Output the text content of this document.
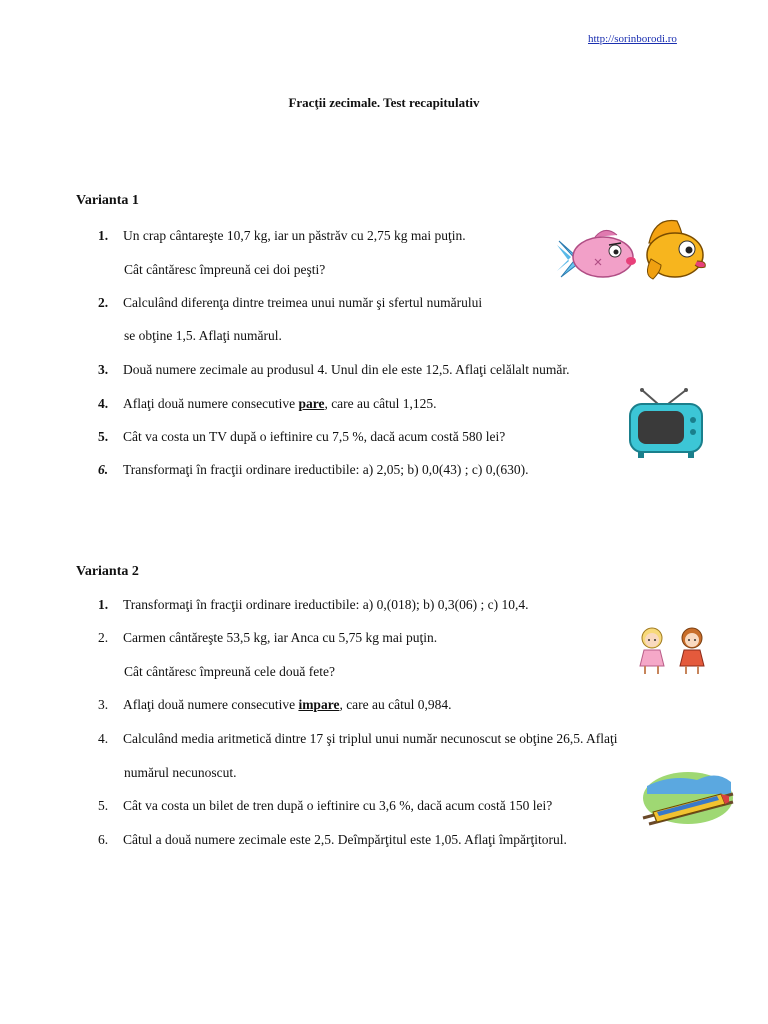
http://sorinborodi.ro
Fracţii zecimale. Test recapitulativ
Varianta 1
1. Un crap cântareşte 10,7 kg, iar un păstrăv cu 2,75 kg mai puţin.
Cât cântăresc împreună cei doi peşti?
2. Calculând diferenţa dintre treimea unui număr şi sfertul numărului
se obţine 1,5. Aflaţi numărul.
3. Două numere zecimale au produsul 4. Unul din ele este 12,5. Aflaţi celălalt număr.
4. Aflaţi două numere consecutive pare, care au câtul 1,125.
5. Cât va costa un TV după o ieftinire cu 7,5 %, dacă acum costă 580 lei?
6. Transformaţi în fracţii ordinare ireductibile: a) 2,05; b) 0,0(43) ; c) 0,(630).
Varianta 2
1. Transformaţi în fracţii ordinare ireductibile: a) 0,(018); b) 0,3(06) ; c) 10,4.
2. Carmen cântăreşte 53,5 kg, iar Anca cu 5,75 kg mai puţin.
Cât cântăresc împreună cele două fete?
3. Aflaţi două numere consecutive impare, care au câtul 0,984.
4. Calculând media aritmetică dintre 17 şi triplul unui număr necunoscut se obţine 26,5. Aflaţi
numărul necunoscut.
5. Cât va costa un bilet de tren după o ieftinire cu 3,6 %, dacă acum costă 150 lei?
6. Câtul a două numere zecimale este 2,5. Deîmpărţitul este 1,05. Aflaţi împărţitorul.
